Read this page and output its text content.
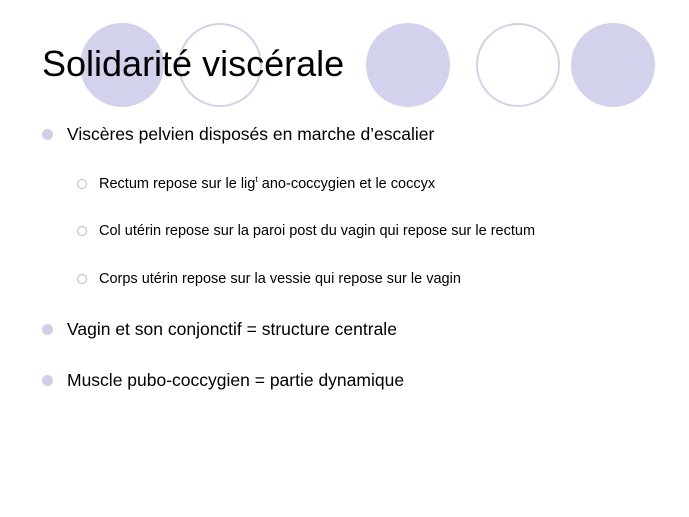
Solidarité viscérale
Viscères pelvien disposés en marche d’escalier
Rectum repose sur le lig$^t$ ano-coccygien et le coccyx
Col utérin repose sur la paroi post du vagin qui repose sur le rectum
Corps utérin repose sur la vessie qui repose sur le vagin
Vagin et son conjonctif = structure centrale
Muscle pubo-coccygien = partie dynamique
